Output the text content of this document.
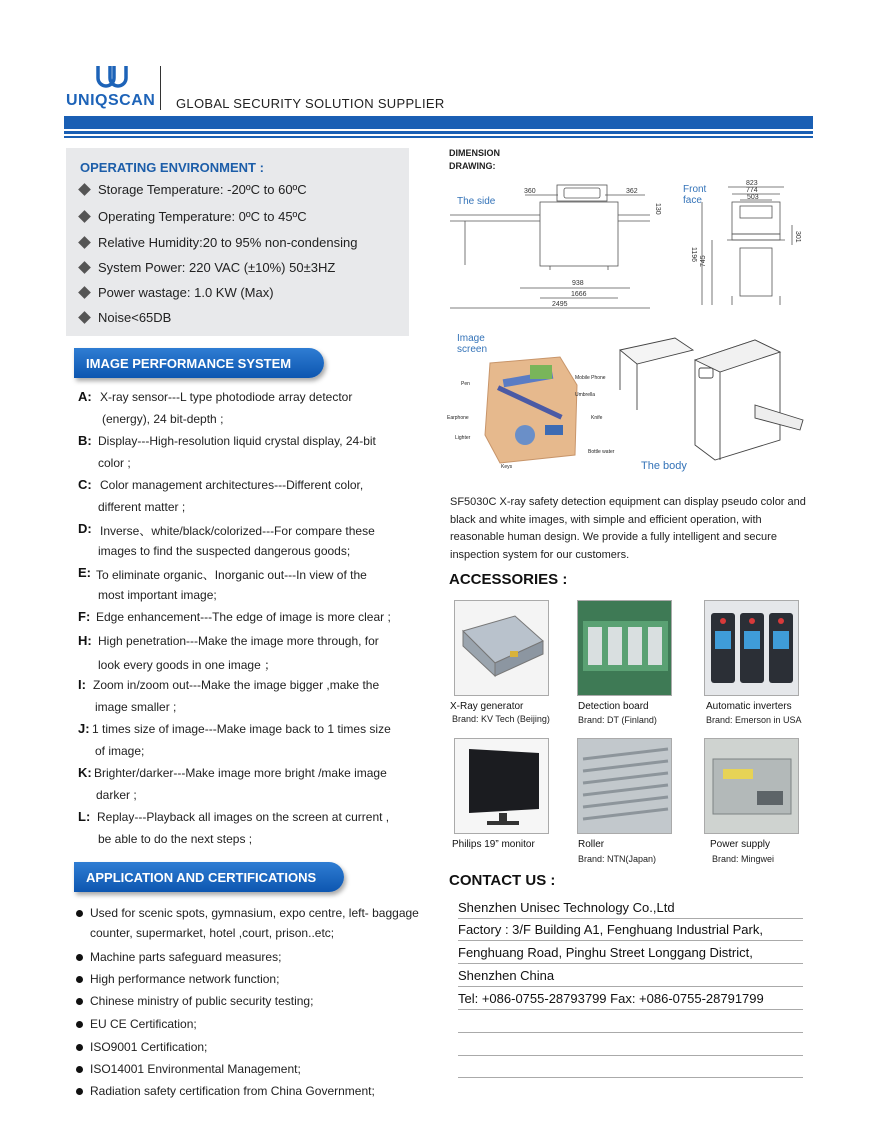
UNIQSCAN GLOBAL SECURITY SOLUTION SUPPLIER
OPERATING ENVIRONMENT :
Storage Temperature: -20ºC to 60ºC
Operating Temperature: 0ºC to 45ºC
Relative Humidity:20 to 95% non-condensing
System Power: 220 VAC (±10%) 50±3HZ
Power wastage: 1.0 KW (Max)
Noise<65DB
IMAGE PERFORMANCE SYSTEM
A: X-ray sensor---L type photodiode array detector
(energy), 24 bit-depth ;
B: Display---High-resolution liquid crystal display, 24-bit
color ;
C: Color management architectures---Different color,
different matter ;
D: Inverse、white/black/colorized---For compare these
images to find the suspected dangerous goods;
E: To eliminate organic、Inorganic out---In view of the
most important image;
F: Edge enhancement---The edge of image is more clear ;
H: High penetration---Make the image more through, for
look every goods in one image ；
I: Zoom in/zoom out---Make the image bigger ,make the
image smaller ;
J: 1 times size of image---Make image back to 1 times size
of image;
K: Brighter/darker---Make image more bright /make image
darker ;
L: Replay---Playback all images on the screen at current ,
be able to do the next steps ;
APPLICATION AND CERTIFICATIONS
Used for scenic spots, gymnasium, expo centre, left- baggage
counter, supermarket, hotel ,court, prison..etc;
Machine parts safeguard measures;
High performance network function;
Chinese ministry of public security testing;
EU CE Certification;
ISO9001 Certification;
ISO14001 Environmental Management;
Radiation safety certification from China Government;
DIMENSION
DRAWING:
The side
Front
face
360	362
130
938
1666
2495
823
774
503
301
1196 745
Image
screen
Pen
Earphone
Lighter
Keys
Mobile Phone
Umbrella
Knife
Bottle water
The body
SF5030C X-ray safety detection equipment can display pseudo color and black and white images, with simple and efficient operation, with reasonable human design. We provide a fully intelligent and secure inspection system for our customers.
ACCESSORIES :
X-Ray generator
Brand: KV Tech (Beijing)
Detection board
Brand: DT (Finland)
Automatic inverters
Brand: Emerson in USA
Philips 19” monitor	Roller
Brand: NTN(Japan)
Power supply
Brand: Mingwei
CONTACT US :
Shenzhen Unisec Technology Co.,Ltd
Factory : 3/F Building A1, Fenghuang Industrial Park,
Fenghuang Road, Pinghu Street Longgang District,
Shenzhen China
Tel: +086-0755-28793799 Fax: +086-0755-28791799
